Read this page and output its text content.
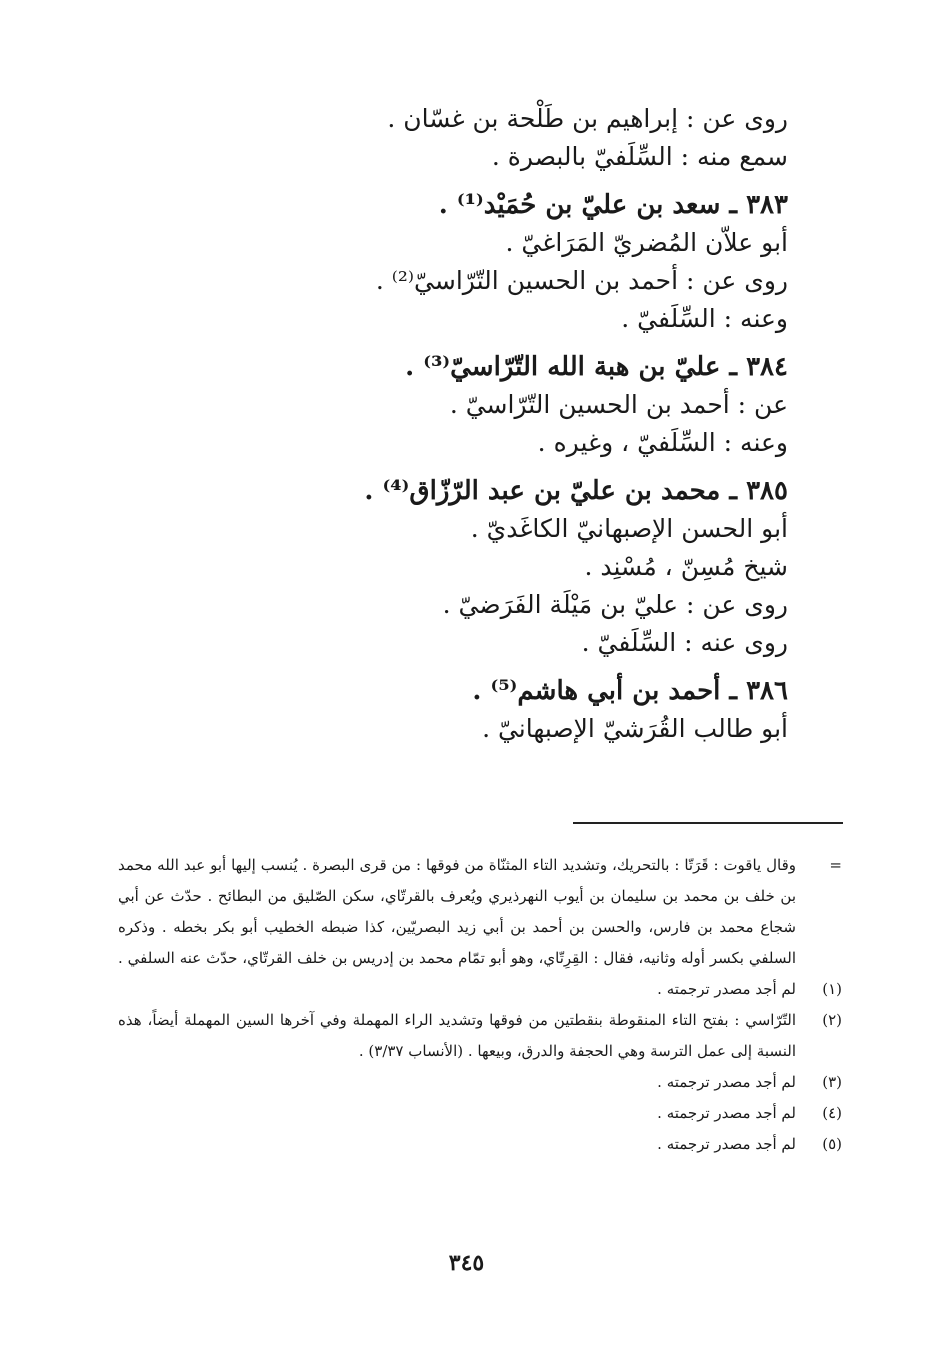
روى عن : إبراهيم بن طَلْحة بن غسّان .
سمع منه : السِّلَفيّ بالبصرة .
٣٨٣ ـ سعد بن عليّ بن حُمَيْد⁽¹⁾ .
أبو علاّن المُضريّ المَرَاغيّ .
روى عن : أحمد بن الحسين التّرّاسيّ⁽²⁾ .
وعنه : السِّلَفيّ .
٣٨٤ ـ عليّ بن هبة الله التّرّاسيّ⁽³⁾ .
عن : أحمد بن الحسين التّرّاسيّ .
وعنه : السِّلَفيّ ، وغيره .
٣٨٥ ـ محمد بن عليّ بن عبد الرّزّاق⁽⁴⁾ .
أبو الحسن الإصبهانيّ الكاغَديّ .
شيخ مُسِنّ ، مُسْنِد .
روى عن : عليّ بن مَيْلَة الفَرَضيّ .
روى عنه : السِّلَفيّ .
٣٨٦ ـ أحمد بن أبي هاشم⁽⁵⁾ .
أبو طالب القُرَشيّ الإصبهانيّ .
=
وقال ياقوت : قَرَتّا : بالتحريك، وتشديد التاء المثنّاة من فوقها : من قرى البصرة . يُنسب إليها أبو عبد الله محمد بن خلف بن محمد بن سليمان بن أيوب النهرذيري ويُعرف بالقرتّاي، سكن الصّليق من البطائح . حدّث عن أبي شجاع محمد بن فارس، والحسن بن أحمد بن أبي زيد البصريّين، كذا ضبطه الخطيب أبو بكر بخطه . وذكره السلفي بكسر أوله وثانيه، فقال : القِرِتّاي، وهو أبو تمّام محمد بن إدريس بن خلف القرتّاي، حدّث عنه السلفي .
(١)
لم أجد مصدر ترجمته .
(٢)
التّرّاسي : بفتح التاء المنقوطة بنقطتين من فوقها وتشديد الراء المهملة وفي آخرها السين المهملة أيضاً، هذه النسبة إلى عمل الترسة وهي الحجفة والدرق، وبيعها . (الأنساب ٣/٣٧) .
(٣)
لم أجد مصدر ترجمته .
(٤)
لم أجد مصدر ترجمته .
(٥)
لم أجد مصدر ترجمته .
٣٤٥
